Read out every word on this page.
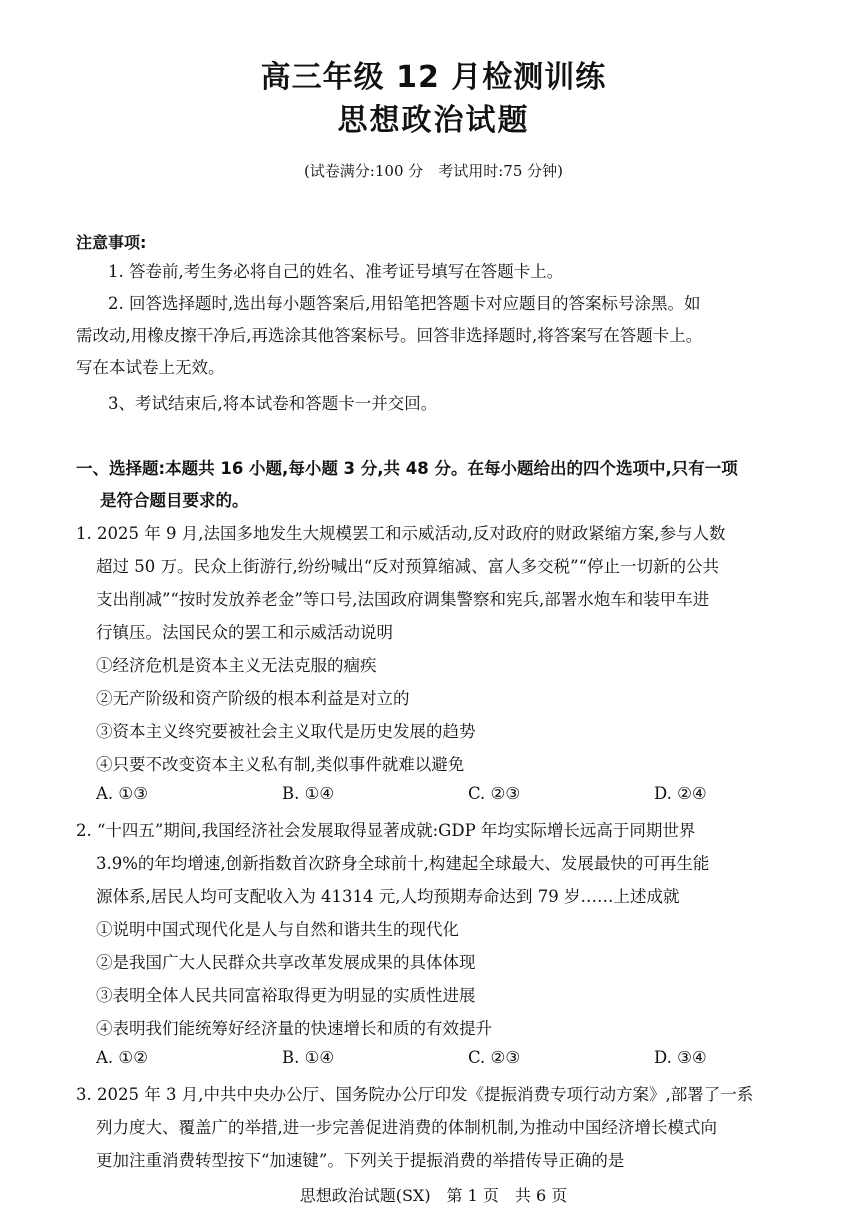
高三年级 12 月检测训练
思想政治试题
(试卷满分:100 分　考试用时:75 分钟)
注意事项:
1. 答卷前,考生务必将自己的姓名、准考证号填写在答题卡上。
2. 回答选择题时,选出每小题答案后,用铅笔把答题卡对应题目的答案标号涂黑。如
需改动,用橡皮擦干净后,再选涂其他答案标号。回答非选择题时,将答案写在答题卡上。
写在本试卷上无效。
3、考试结束后,将本试卷和答题卡一并交回。
一、选择题:本题共 16 小题,每小题 3 分,共 48 分。在每小题给出的四个选项中,只有一项
是符合题目要求的。
1. 2025 年 9 月,法国多地发生大规模罢工和示威活动,反对政府的财政紧缩方案,参与人数
超过 50 万。民众上街游行,纷纷喊出“反对预算缩减、富人多交税”“停止一切新的公共
支出削减”“按时发放养老金”等口号,法国政府调集警察和宪兵,部署水炮车和装甲车进
行镇压。法国民众的罢工和示威活动说明
①经济危机是资本主义无法克服的痼疾
②无产阶级和资产阶级的根本利益是对立的
③资本主义终究要被社会主义取代是历史发展的趋势
④只要不改变资本主义私有制,类似事件就难以避免
A. ①③	B. ①④	C. ②③	D. ②④
2. “十四五”期间,我国经济社会发展取得显著成就:GDP 年均实际增长远高于同期世界
3.9%的年均增速,创新指数首次跻身全球前十,构建起全球最大、发展最快的可再生能
源体系,居民人均可支配收入为 41314 元,人均预期寿命达到 79 岁……上述成就
①说明中国式现代化是人与自然和谐共生的现代化
②是我国广大人民群众共享改革发展成果的具体体现
③表明全体人民共同富裕取得更为明显的实质性进展
④表明我们能统筹好经济量的快速增长和质的有效提升
A. ①②	B. ①④	C. ②③	D. ③④
3. 2025 年 3 月,中共中央办公厅、国务院办公厅印发《提振消费专项行动方案》,部署了一系
列力度大、覆盖广的举措,进一步完善促进消费的体制机制,为推动中国经济增长模式向
更加注重消费转型按下“加速键”。下列关于提振消费的举措传导正确的是
思想政治试题(SX)　第 1 页　共 6 页
